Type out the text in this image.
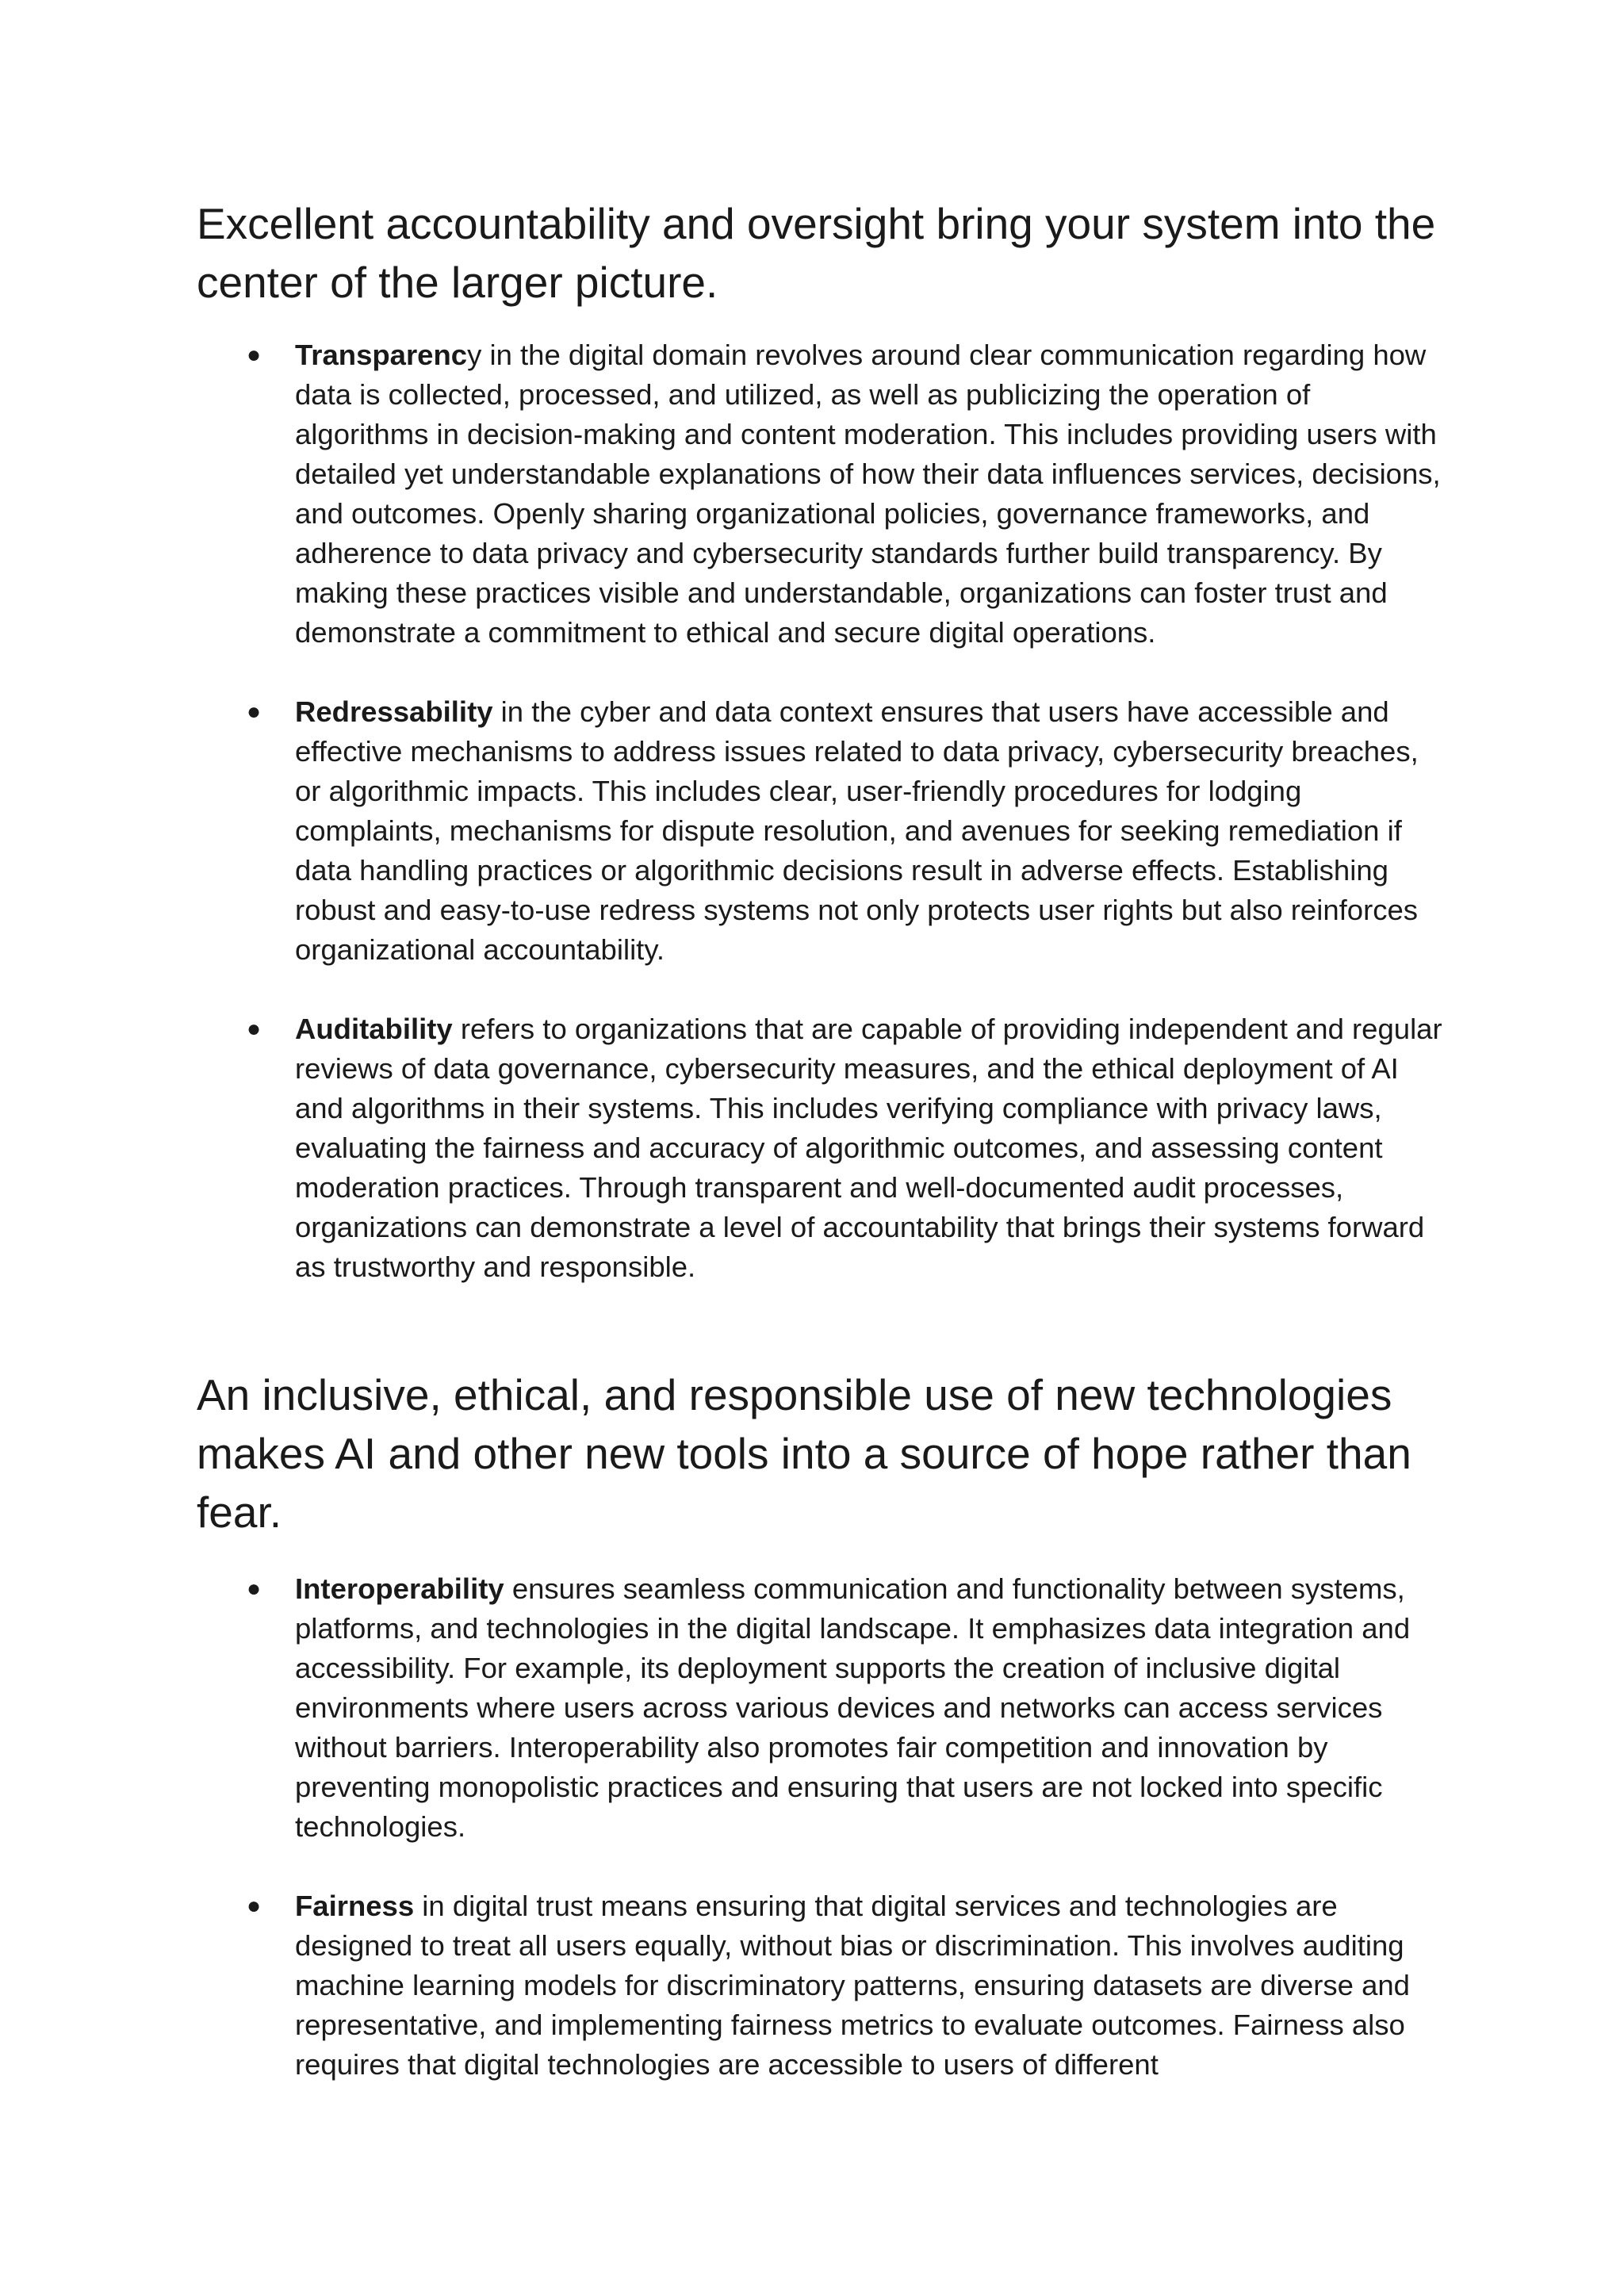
Excellent accountability and oversight bring your system into the center of the larger picture.
● Transparency in the digital domain revolves around clear communication regarding how data is collected, processed, and utilized, as well as publicizing the operation of algorithms in decision-making and content moderation. This includes providing users with detailed yet understandable explanations of how their data influences services, decisions, and outcomes. Openly sharing organizational policies, governance frameworks, and adherence to data privacy and cybersecurity standards further build transparency. By making these practices visible and understandable, organizations can foster trust and demonstrate a commitment to ethical and secure digital operations.
● Redressability in the cyber and data context ensures that users have accessible and effective mechanisms to address issues related to data privacy, cybersecurity breaches, or algorithmic impacts. This includes clear, user-friendly procedures for lodging complaints, mechanisms for dispute resolution, and avenues for seeking remediation if data handling practices or algorithmic decisions result in adverse effects. Establishing robust and easy-to-use redress systems not only protects user rights but also reinforces organizational accountability.
● Auditability refers to organizations that are capable of providing independent and regular reviews of data governance, cybersecurity measures, and the ethical deployment of AI and algorithms in their systems. This includes verifying compliance with privacy laws, evaluating the fairness and accuracy of algorithmic outcomes, and assessing content moderation practices. Through transparent and well-documented audit processes, organizations can demonstrate a level of accountability that brings their systems forward as trustworthy and responsible.
An inclusive, ethical, and responsible use of new technologies makes AI and other new tools into a source of hope rather than fear.
● Interoperability ensures seamless communication and functionality between systems, platforms, and technologies in the digital landscape. It emphasizes data integration and accessibility. For example, its deployment supports the creation of inclusive digital environments where users across various devices and networks can access services without barriers. Interoperability also promotes fair competition and innovation by preventing monopolistic practices and ensuring that users are not locked into specific technologies.
● Fairness in digital trust means ensuring that digital services and technologies are designed to treat all users equally, without bias or discrimination. This involves auditing machine learning models for discriminatory patterns, ensuring datasets are diverse and representative, and implementing fairness metrics to evaluate outcomes. Fairness also requires that digital technologies are accessible to users of different
